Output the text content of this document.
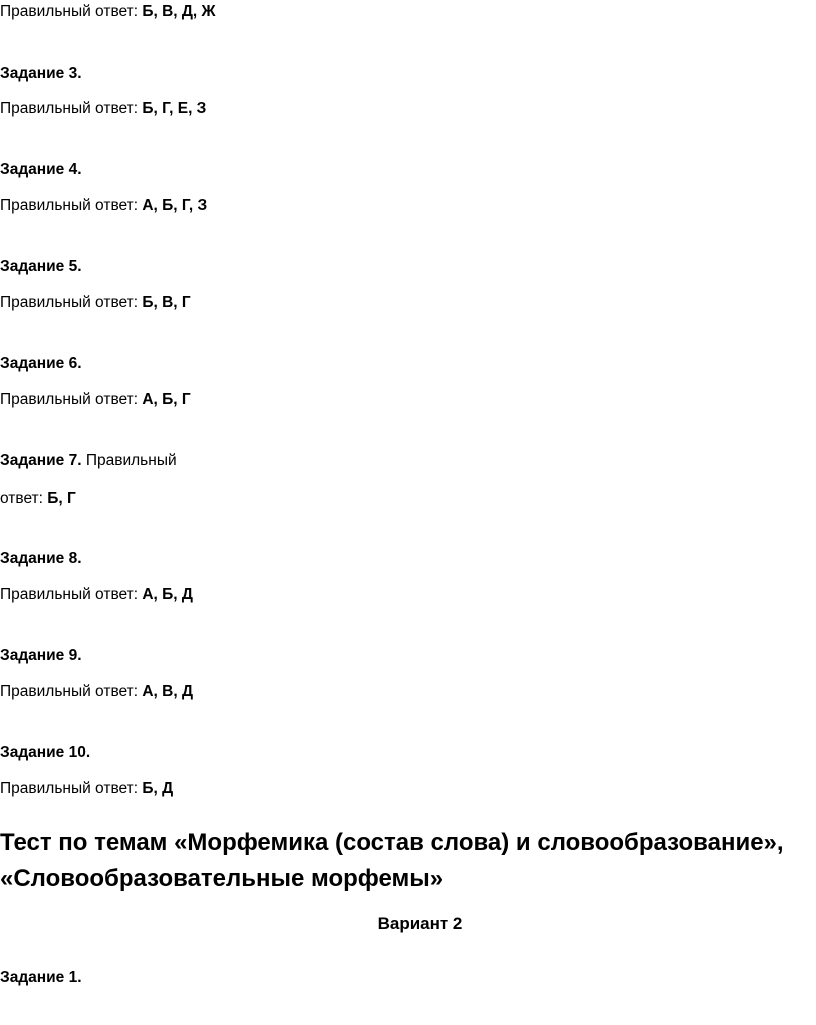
Правильный ответ: Б, В, Д, Ж
Задание 3.
Правильный ответ: Б, Г, Е, З
Задание 4.
Правильный ответ: А, Б, Г, З
Задание 5.
Правильный ответ: Б, В, Г
Задание 6.
Правильный ответ: А, Б, Г
Задание 7. Правильный
ответ: Б, Г
Задание 8.
Правильный ответ: А, Б, Д
Задание 9.
Правильный ответ: А, В, Д
Задание 10.
Правильный ответ: Б, Д
Тест по темам «Морфемика (состав слова) и словообразование»,
«Словообразовательные морфемы»
Вариант 2
Задание 1.
